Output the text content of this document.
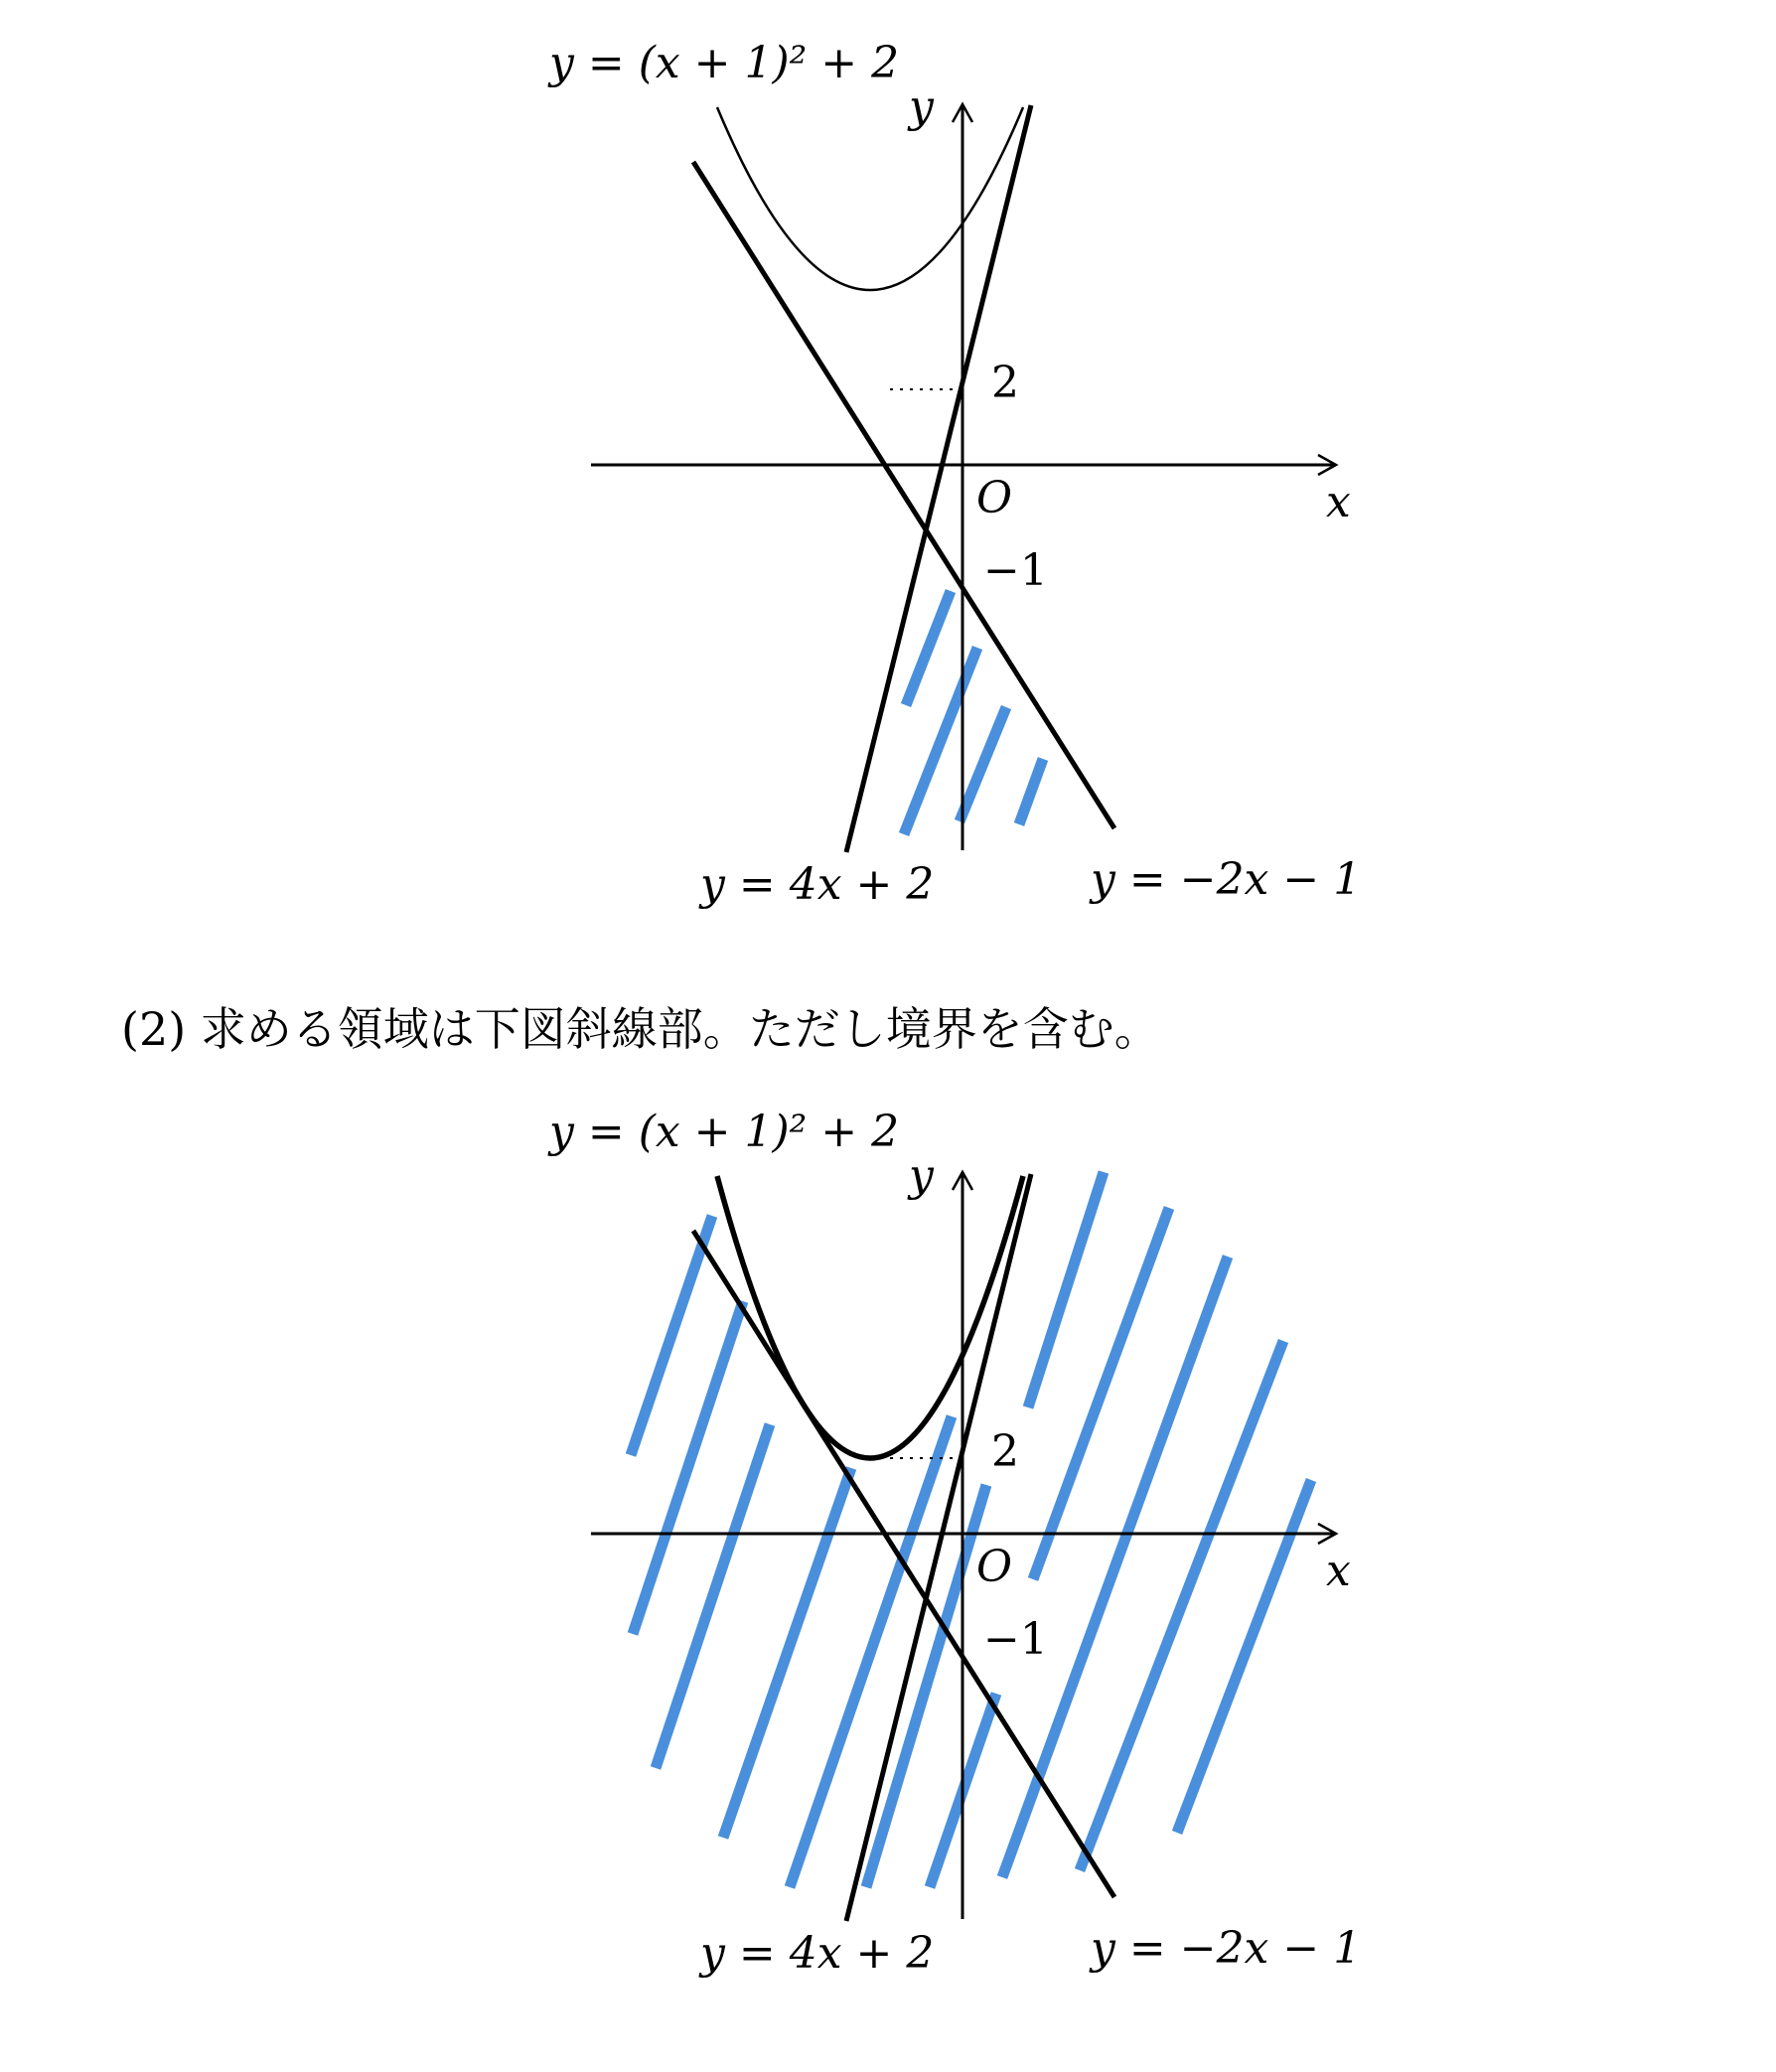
y = (x + 1)² + 2
y
x
O
2
−1
y = 4x + 2	y = −2x − 1
(2) 求める領域は下図斜線部。ただし境界を含む。
y = (x + 1)² + 2
y
x
O
2
−1
y = 4x + 2	y = −2x − 1
